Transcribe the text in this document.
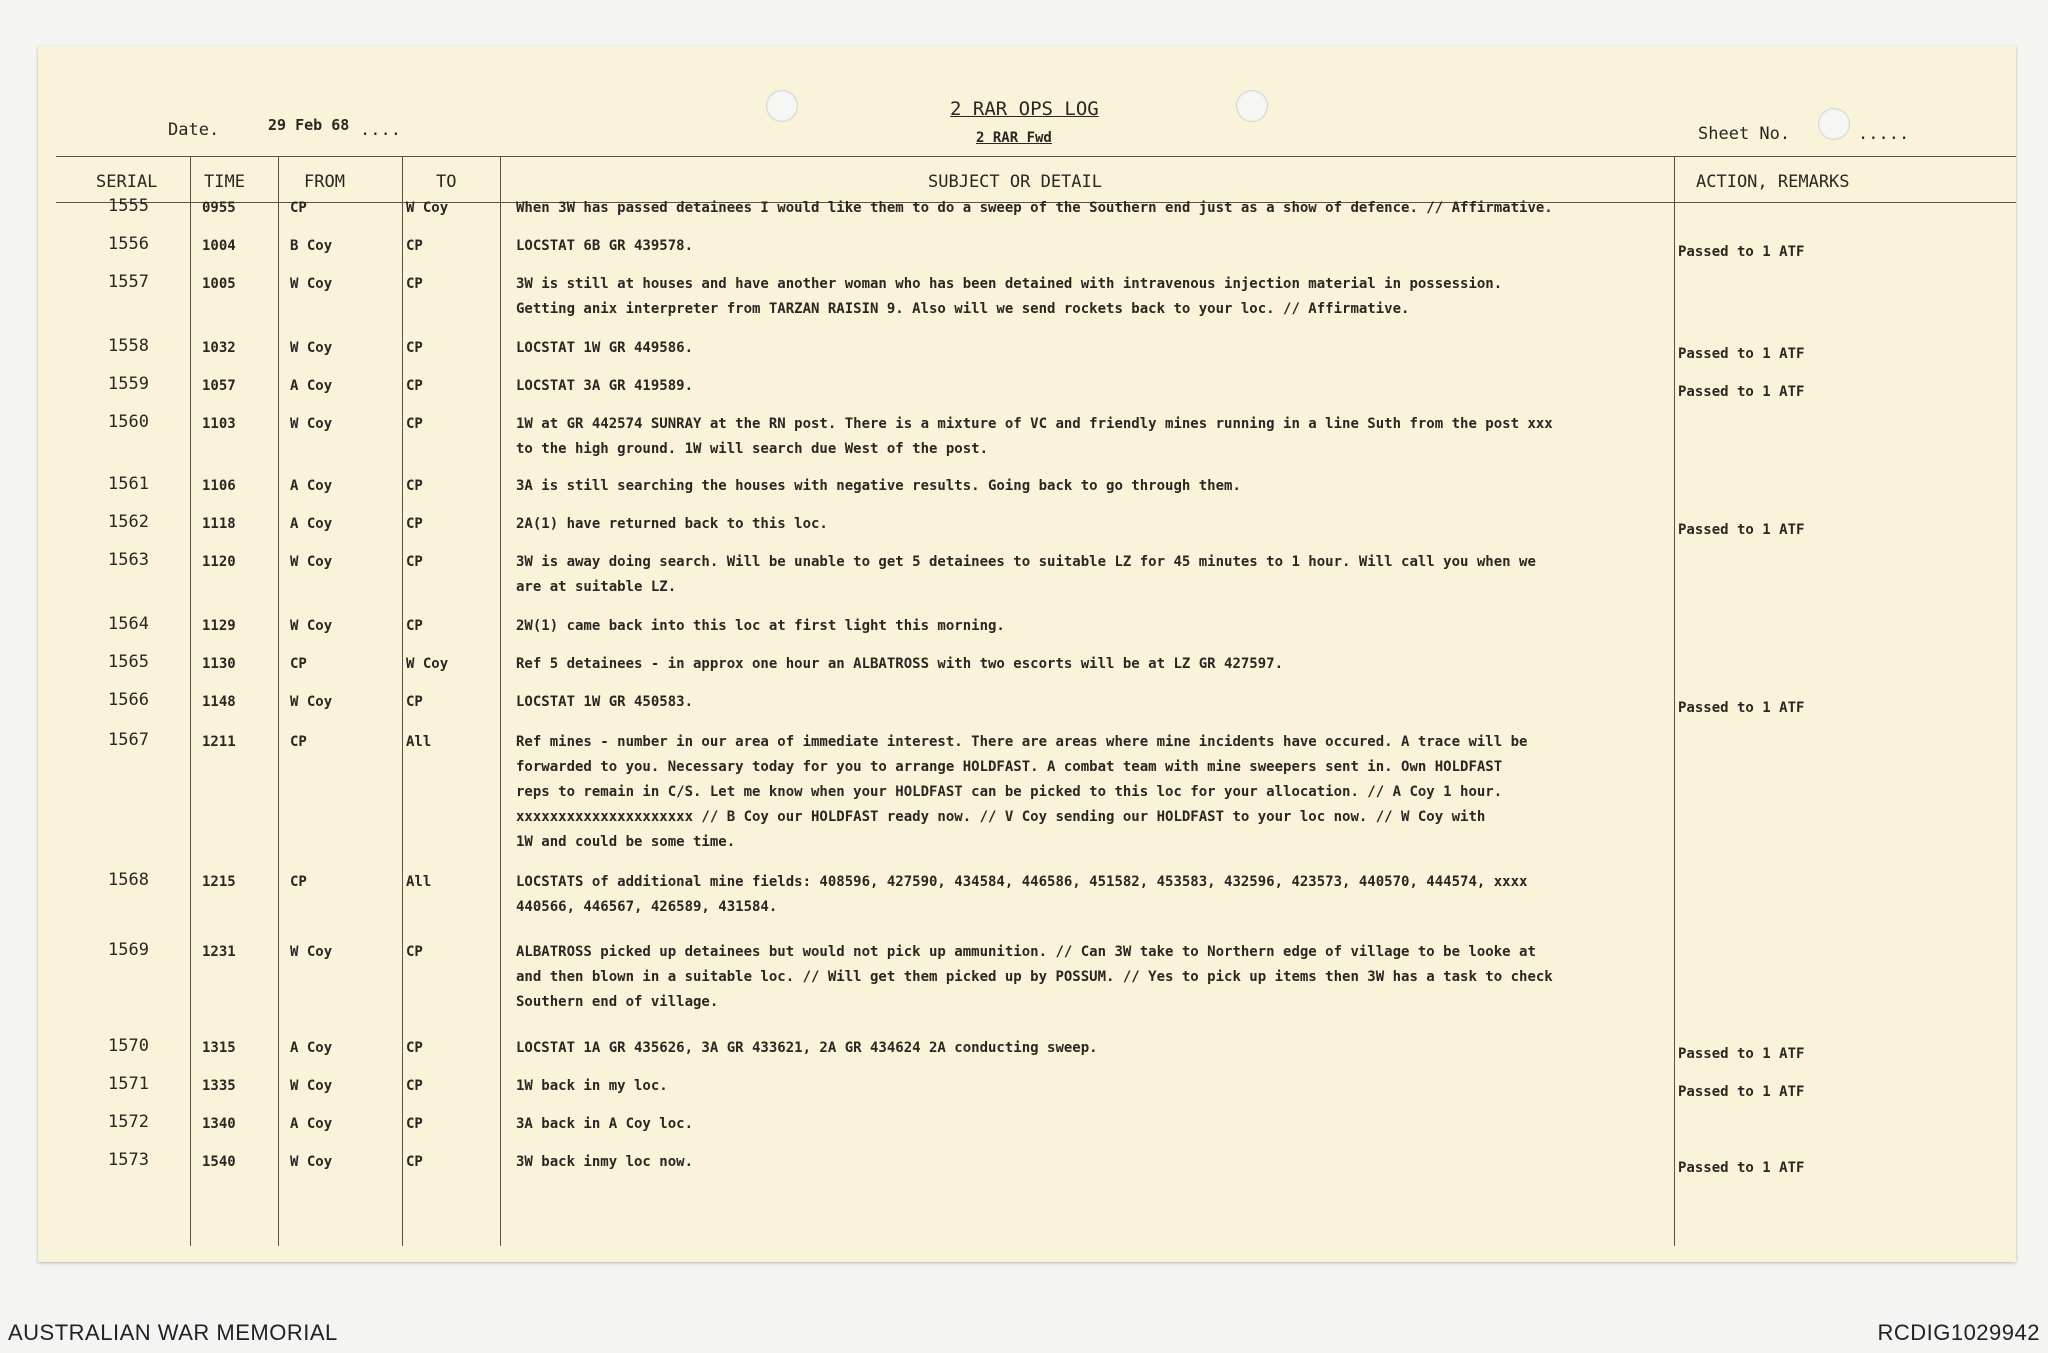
Date.	29 Feb 68 ....
2 RAR OPS LOG
2 RAR Fwd	Sheet No.	.....
SERIAL	TIME	FROM	TO	SUBJECT OR DETAIL	ACTION, REMARKS
1555	0955	CP	W Coy	When 3W has passed detainees I would like them to do a sweep of the Southern end just as a show of defence. // Affirmative.
1556	1004	B Coy	CP	LOCSTAT 6B GR 439578.	Passed to 1 ATF
1557	1005	W Coy	CP	3W is still at houses and have another woman who has been detained with intravenous injection material in possession.
Getting anix interpreter from TARZAN RAISIN 9. Also will we send rockets back to your loc. // Affirmative.
1558	1032	W Coy	CP	LOCSTAT 1W GR 449586.	Passed to 1 ATF
1559	1057	A Coy	CP	LOCSTAT 3A GR 419589.	Passed to 1 ATF
1560	1103	W Coy	CP	1W at GR 442574 SUNRAY at the RN post. There is a mixture of VC and friendly mines running in a line Suth from the post xxx
to the high ground. 1W will search due West of the post.
1561	1106	A Coy	CP	3A is still searching the houses with negative results. Going back to go through them.
1562	1118	A Coy	CP	2A(1) have returned back to this loc.	Passed to 1 ATF
1563	1120	W Coy	CP	3W is away doing search. Will be unable to get 5 detainees to suitable LZ for 45 minutes to 1 hour. Will call you when we
are at suitable LZ.
1564	1129	W Coy	CP	2W(1) came back into this loc at first light this morning.
1565	1130	CP	W Coy	Ref 5 detainees - in approx one hour an ALBATROSS with two escorts will be at LZ GR 427597.
1566	1148	W Coy	CP	LOCSTAT 1W GR 450583.	Passed to 1 ATF
1567	1211	CP	All	Ref mines - number in our area of immediate interest. There are areas where mine incidents have occured. A trace will be
forwarded to you. Necessary today for you to arrange HOLDFAST. A combat team with mine sweepers sent in. Own HOLDFAST
reps to remain in C/S. Let me know when your HOLDFAST can be picked to this loc for your allocation. // A Coy 1 hour.
xxxxxxxxxxxxxxxxxxxxx // B Coy our HOLDFAST ready now. // V Coy sending our HOLDFAST to your loc now. // W Coy with
1W and could be some time.
1568	1215	CP	All	LOCSTATS of additional mine fields: 408596, 427590, 434584, 446586, 451582, 453583, 432596, 423573, 440570, 444574, xxxx
440566, 446567, 426589, 431584.
1569	1231	W Coy	CP	ALBATROSS picked up detainees but would not pick up ammunition. // Can 3W take to Northern edge of village to be looke at
and then blown in a suitable loc. // Will get them picked up by POSSUM. // Yes to pick up items then 3W has a task to check
Southern end of village.
1570	1315	A Coy	CP	LOCSTAT 1A GR 435626, 3A GR 433621, 2A GR 434624 2A conducting sweep.	Passed to 1 ATF
1571	1335	W Coy	CP	1W back in my loc.	Passed to 1 ATF
1572	1340	A Coy	CP	3A back in A Coy loc.
1573	1540	W Coy	CP	3W back inmy loc now.	Passed to 1 ATF
AUSTRALIAN WAR MEMORIAL	RCDIG1029942
